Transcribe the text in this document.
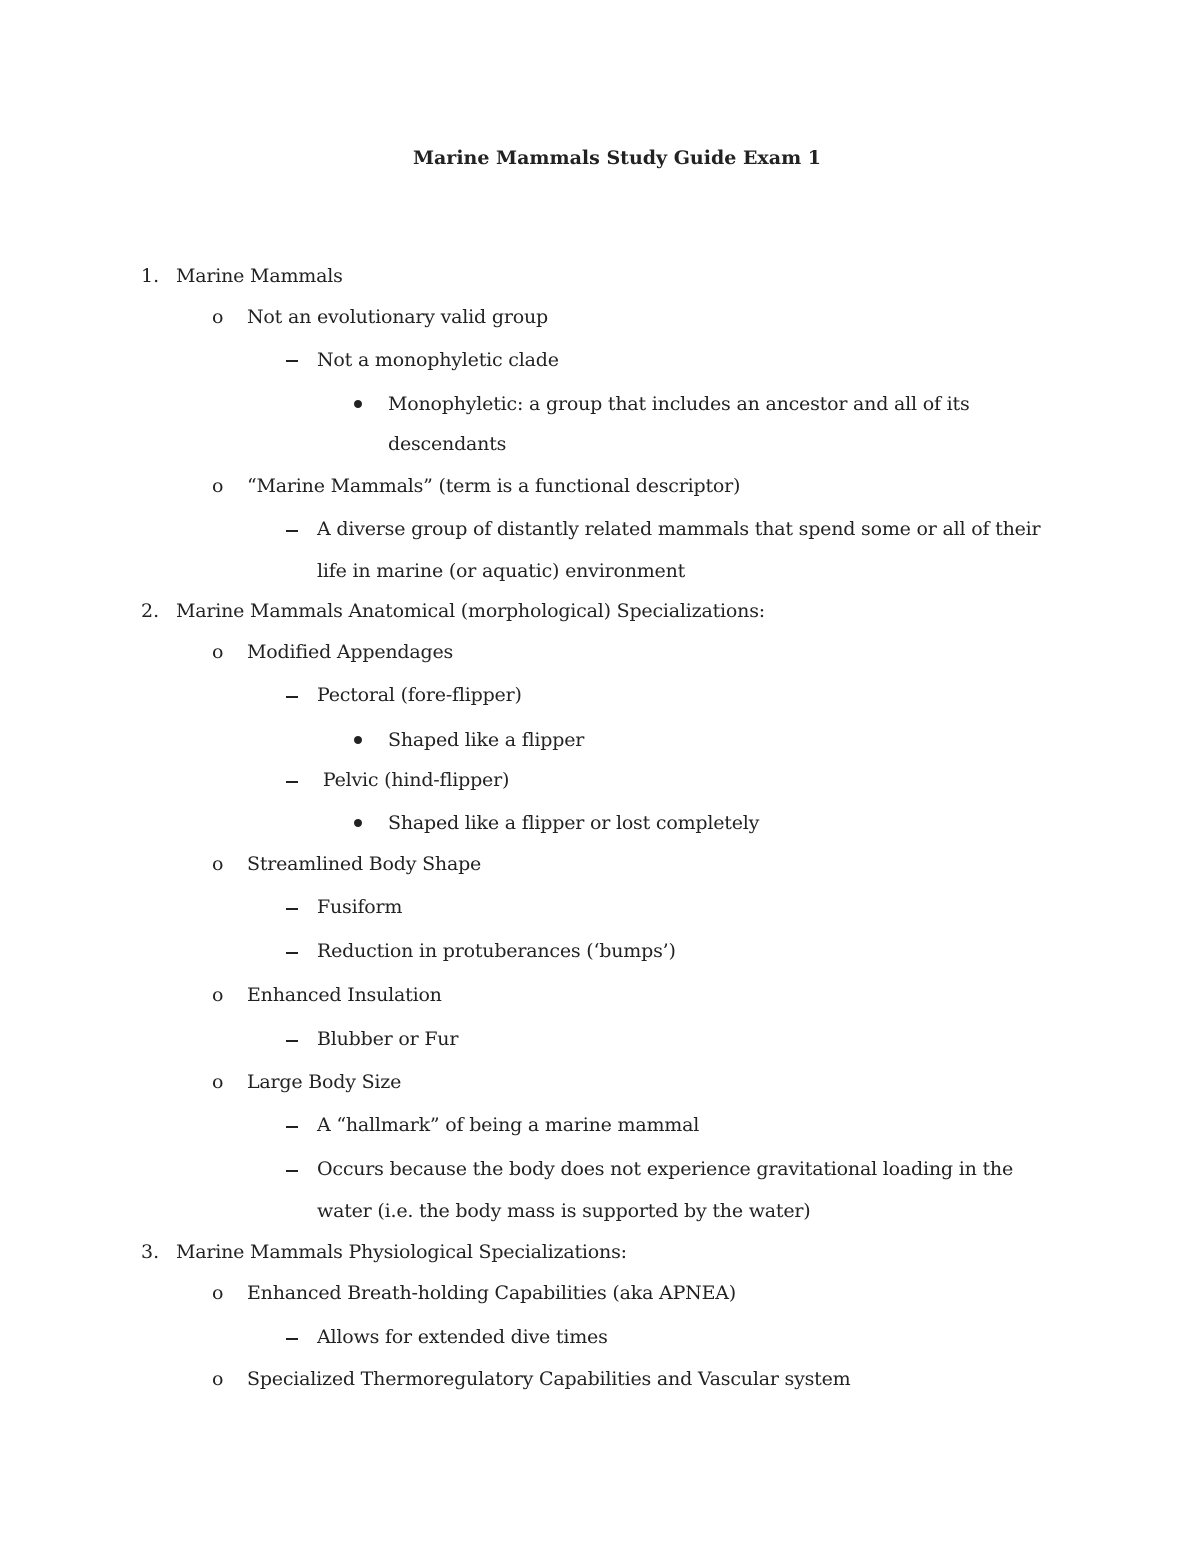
Marine Mammals Study Guide Exam 1
1. Marine Mammals
o Not an evolutionary valid group
Not a monophyletic clade
Monophyletic: a group that includes an ancestor and all of its
descendants
o “Marine Mammals” (term is a functional descriptor)
A diverse group of distantly related mammals that spend some or all of their
life in marine (or aquatic) environment
2. Marine Mammals Anatomical (morphological) Specializations:
o Modified Appendages
Pectoral (fore-flipper)
Shaped like a flipper
Pelvic (hind-flipper)
Shaped like a flipper or lost completely
o Streamlined Body Shape
Fusiform
Reduction in protuberances (‘bumps’)
o Enhanced Insulation
Blubber or Fur
o Large Body Size
A “hallmark” of being a marine mammal
Occurs because the body does not experience gravitational loading in the
water (i.e. the body mass is supported by the water)
3. Marine Mammals Physiological Specializations:
o Enhanced Breath-holding Capabilities (aka APNEA)
Allows for extended dive times
o Specialized Thermoregulatory Capabilities and Vascular system
